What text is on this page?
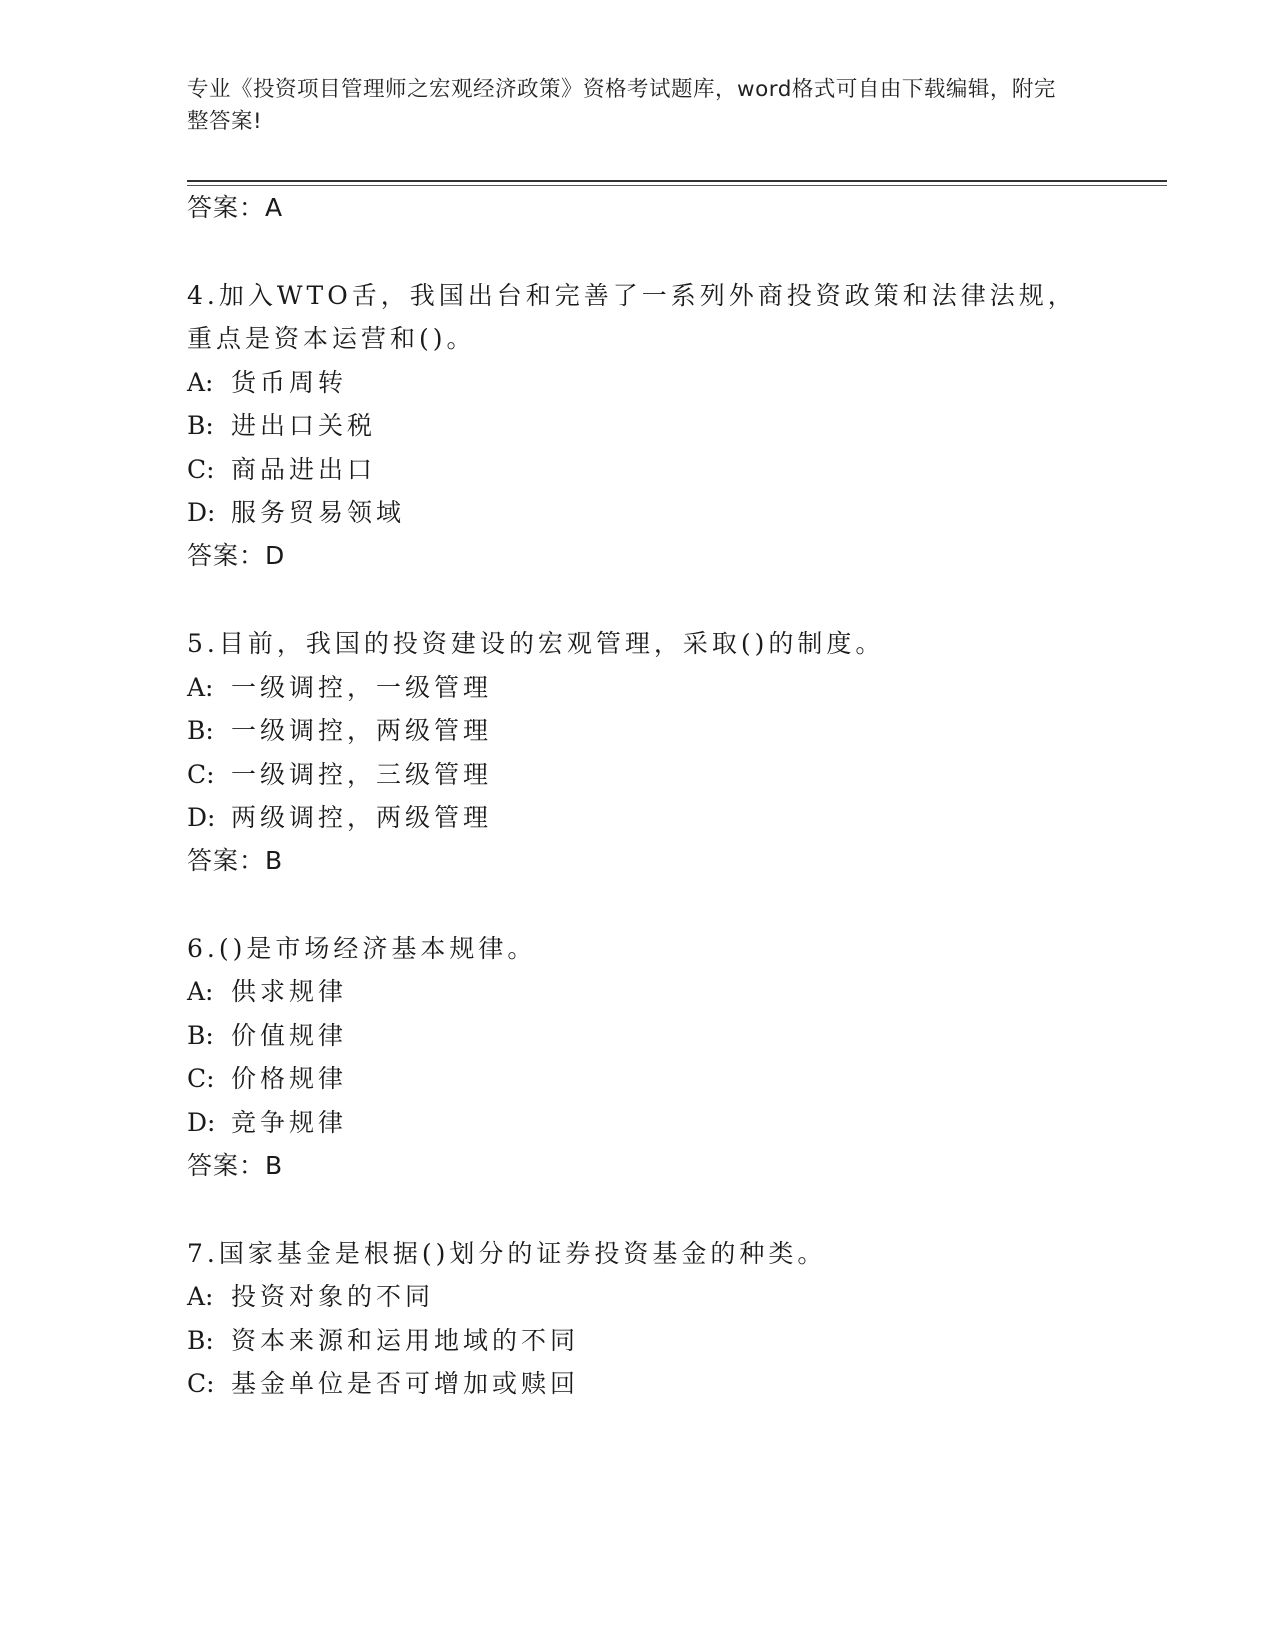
专业《投资项目管理师之宏观经济政策》资格考试题库，word格式可自由下载编辑，附完整答案!
答案：A
4.加入WTO舌，我国出台和完善了一系列外商投资政策和法律法规，
重点是资本运营和()。
A: 货币周转
B: 进出口关税
C: 商品进出口
D: 服务贸易领域
答案：D
5.目前，我国的投资建设的宏观管理，采取()的制度。
A: 一级调控，一级管理
B: 一级调控，两级管理
C: 一级调控，三级管理
D: 两级调控，两级管理
答案：B
6.()是市场经济基本规律。
A: 供求规律
B: 价值规律
C: 价格规律
D: 竞争规律
答案：B
7.国家基金是根据()划分的证券投资基金的种类。
A: 投资对象的不同
B: 资本来源和运用地域的不同
C: 基金单位是否可增加或赎回
